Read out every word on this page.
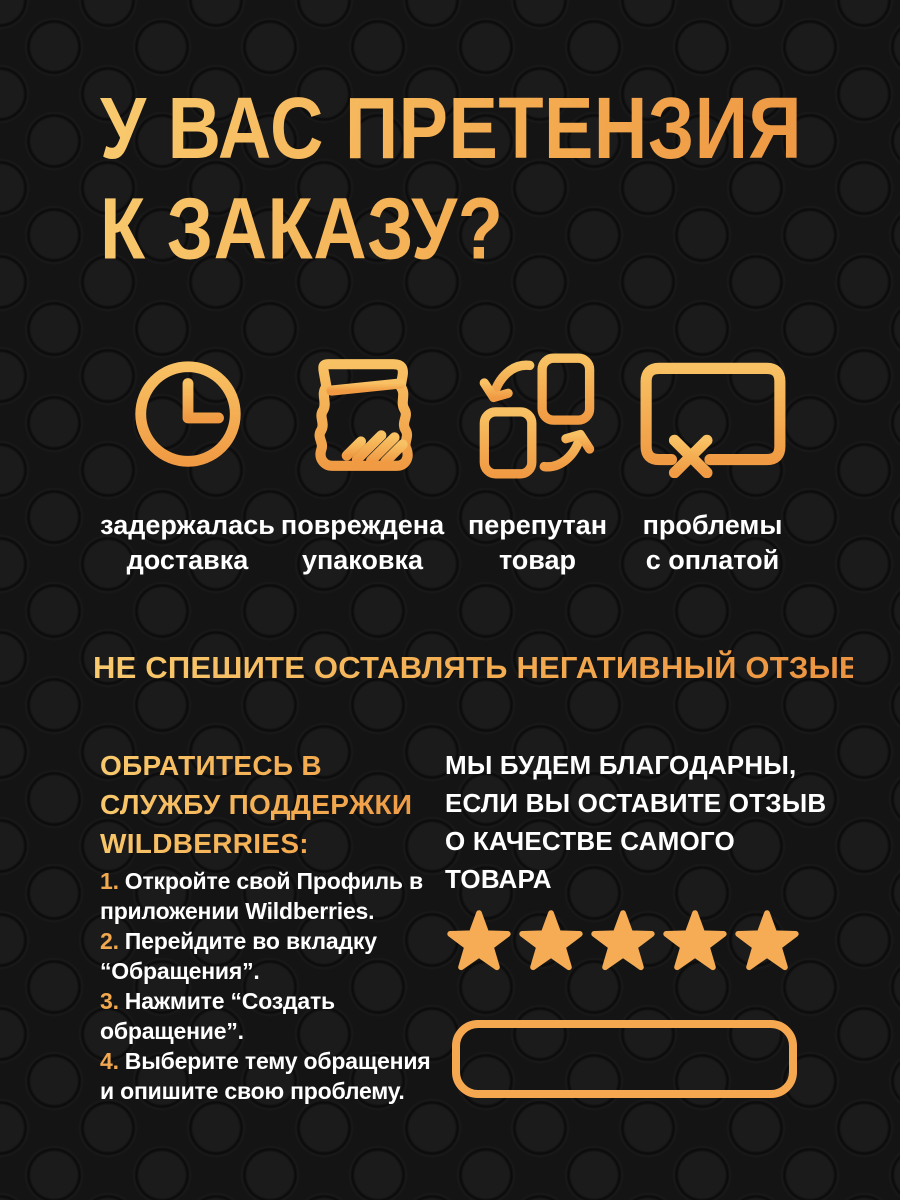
У ВАС ПРЕТЕНЗИЯ
К ЗАКАЗУ?
задержалась
доставка
повреждена
упаковка
перепутан
товар
проблемы
с оплатой
НЕ СПЕШИТЕ ОСТАВЛЯТЬ НЕГАТИВНЫЙ ОТЗЫВ!
ОБРАТИТЕСЬ В
СЛУЖБУ ПОДДЕРЖКИ
WILDBERRIES:
1. Откройте свой Профиль в
приложении Wildberries.
2. Перейдите во вкладку
“Обращения”.
3. Нажмите “Создать
обращение”.
4. Выберите тему обращения
и опишите свою проблему.
МЫ БУДЕМ БЛАГОДАРНЫ,
ЕСЛИ ВЫ ОСТАВИТЕ ОТЗЫВ
О КАЧЕСТВЕ САМОГО ТОВАРА
